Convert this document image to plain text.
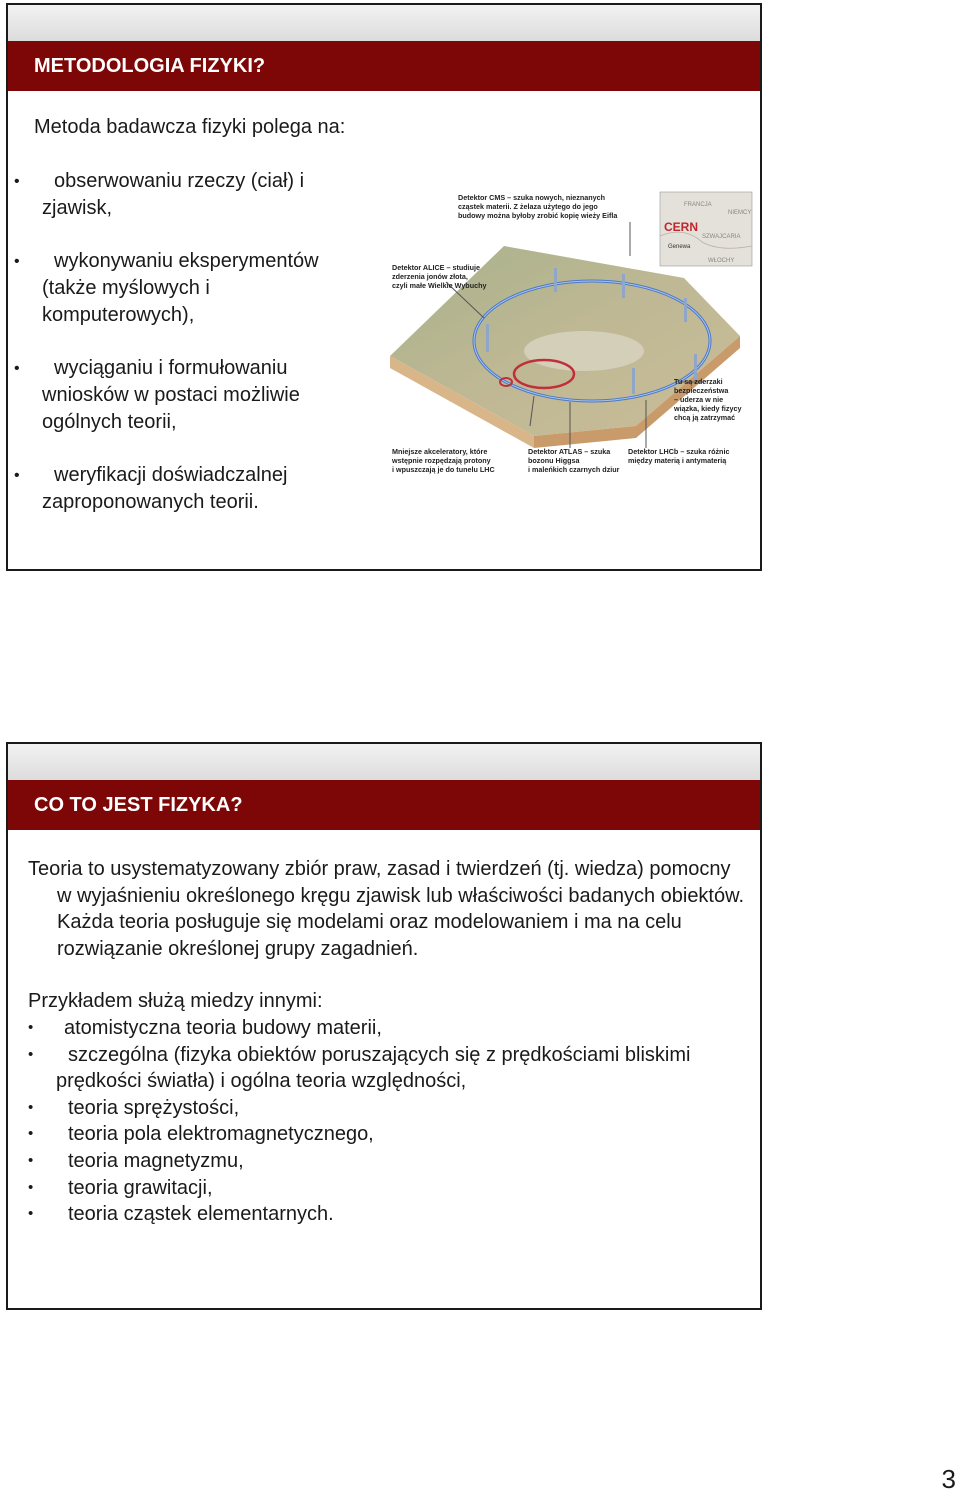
METODOLOGIA FIZYKI?
Metoda badawcza fizyki polega na:
•	obserwowaniu rzeczy (ciał) i zjawisk,
•	wykonywaniu eksperymentów (także myślowych i komputerowych),
•	wyciąganiu i formułowaniu wniosków w postaci możliwie ogólnych teorii,
•	weryfikacji doświadczalnej zaproponowanych teorii.
FRANCJA
NIEMCY
CERN
Genewa
SZWAJCARIA
WŁOCHY
Detektor CMS – szuka nowych, nieznanych
cząstek materii. Z żelaza użytego do jego
budowy można byłoby zrobić kopię wieży Eifla
Detektor ALICE – studiuje
zderzenia jonów złota,
czyli małe Wielkie Wybuchy
Tu są zderzaki
bezpieczeństwa
– uderza w nie
wiązka, kiedy fizycy
chcą ją zatrzymać
Mniejsze akceleratory, które
wstępnie rozpędzają protony
i wpuszczają je do tunelu LHC
Detektor ATLAS – szuka
bozonu Higgsa
i maleńkich czarnych dziur
Detektor LHCb – szuka różnic
między materią i antymaterią
CO TO JEST FIZYKA?
Teoria to usystematyzowany zbiór praw, zasad i twierdzeń (tj. wiedza) pomocny w wyjaśnieniu określonego kręgu zjawisk lub właściwości badanych obiektów. Każda teoria posługuje się modelami oraz modelowaniem i ma na celu rozwiązanie określonej grupy zagadnień.
Przykładem służą miedzy innymi:
• atomistyczna teoria budowy materii,
•	szczególna (fizyka obiektów poruszających się z prędkościami bliskimi prędkości światła) i ogólna teoria względności,
• teoria sprężystości,
• teoria pola elektromagnetycznego,
• teoria magnetyzmu,
• teoria grawitacji,
• teoria cząstek elementarnych.
3
